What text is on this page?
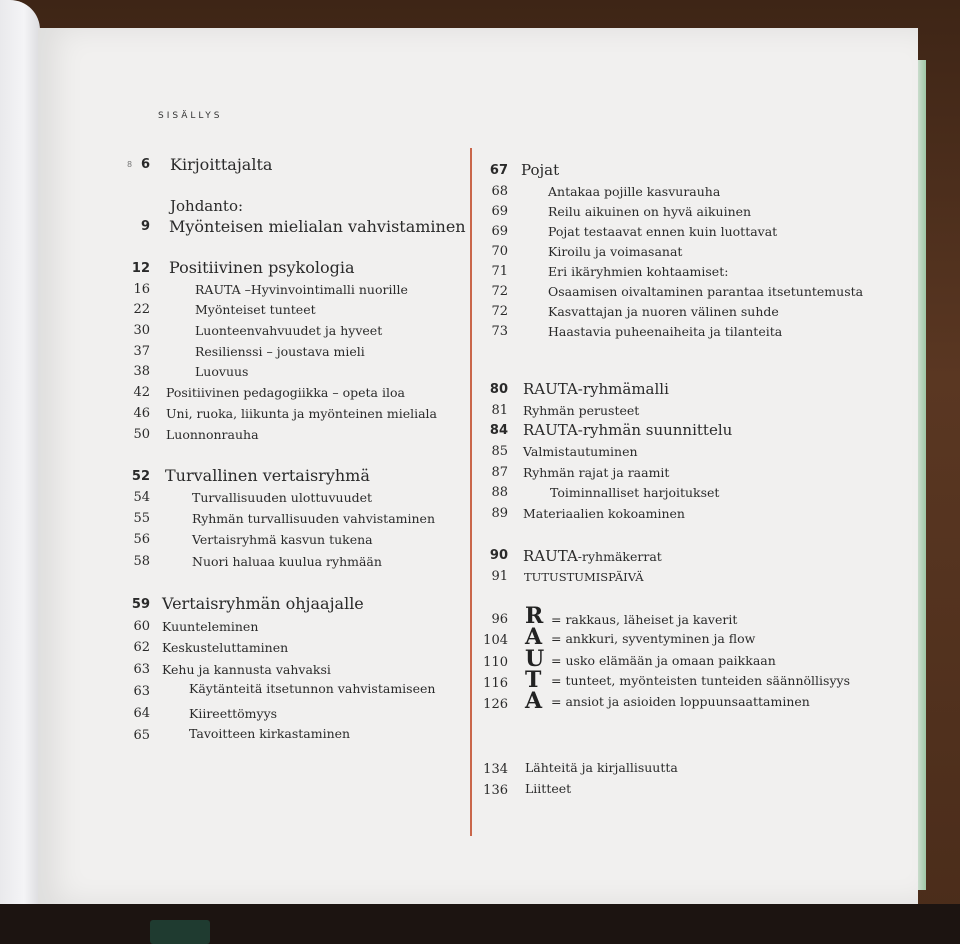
SISÄLLYS
8 6 Kirjoittajalta
Johdanto:
9 Myönteisen mielialan vahvistaminen
12 Positiivinen psykologia
16	RAUTA –Hyvinvointimalli nuorille
22	Myönteiset tunteet
30	Luonteenvahvuudet ja hyveet
37	Resilienssi – joustava mieli
38	Luovuus
42 Positiivinen pedagogiikka – opeta iloa
46 Uni, ruoka, liikunta ja myönteinen mieliala
50 Luonnonrauha
52 Turvallinen vertaisryhmä
54	Turvallisuuden ulottuvuudet
55	Ryhmän turvallisuuden vahvistaminen
56	Vertaisryhmä kasvun tukena
58	Nuori haluaa kuulua ryhmään
59 Vertaisryhmän ohjaajalle
60 Kuunteleminen
62 Keskusteluttaminen
63 Kehu ja kannusta vahvaksi
63	Käytänteitä itsetunnon vahvistamiseen
64	Kiireettömyys
65	Tavoitteen kirkastaminen
67 Pojat
68	Antakaa pojille kasvurauha
69	Reilu aikuinen on hyvä aikuinen
69	Pojat testaavat ennen kuin luottavat
70	Kiroilu ja voimasanat
71	Eri ikäryhmien kohtaamiset:
72	Osaamisen oivaltaminen parantaa itsetuntemusta
72	Kasvattajan ja nuoren välinen suhde
73	Haastavia puheenaiheita ja tilanteita
80 RAUTA-ryhmämalli
81 Ryhmän perusteet
84 RAUTA-ryhmän suunnittelu
85 Valmistautuminen
87 Ryhmän rajat ja raamit
88	Toiminnalliset harjoitukset
89 Materiaalien kokoaminen
90 RAUTA-ryhmäkerrat
91 TUTUSTUMISPÄIVÄ
96 R = rakkaus, läheiset ja kaverit
104 A = ankkuri, syventyminen ja flow
110 U = usko elämään ja omaan paikkaan
116 T = tunteet, myönteisten tunteiden säännöllisyys
126 A = ansiot ja asioiden loppuunsaattaminen
134 Lähteitä ja kirjallisuutta
136 Liitteet
